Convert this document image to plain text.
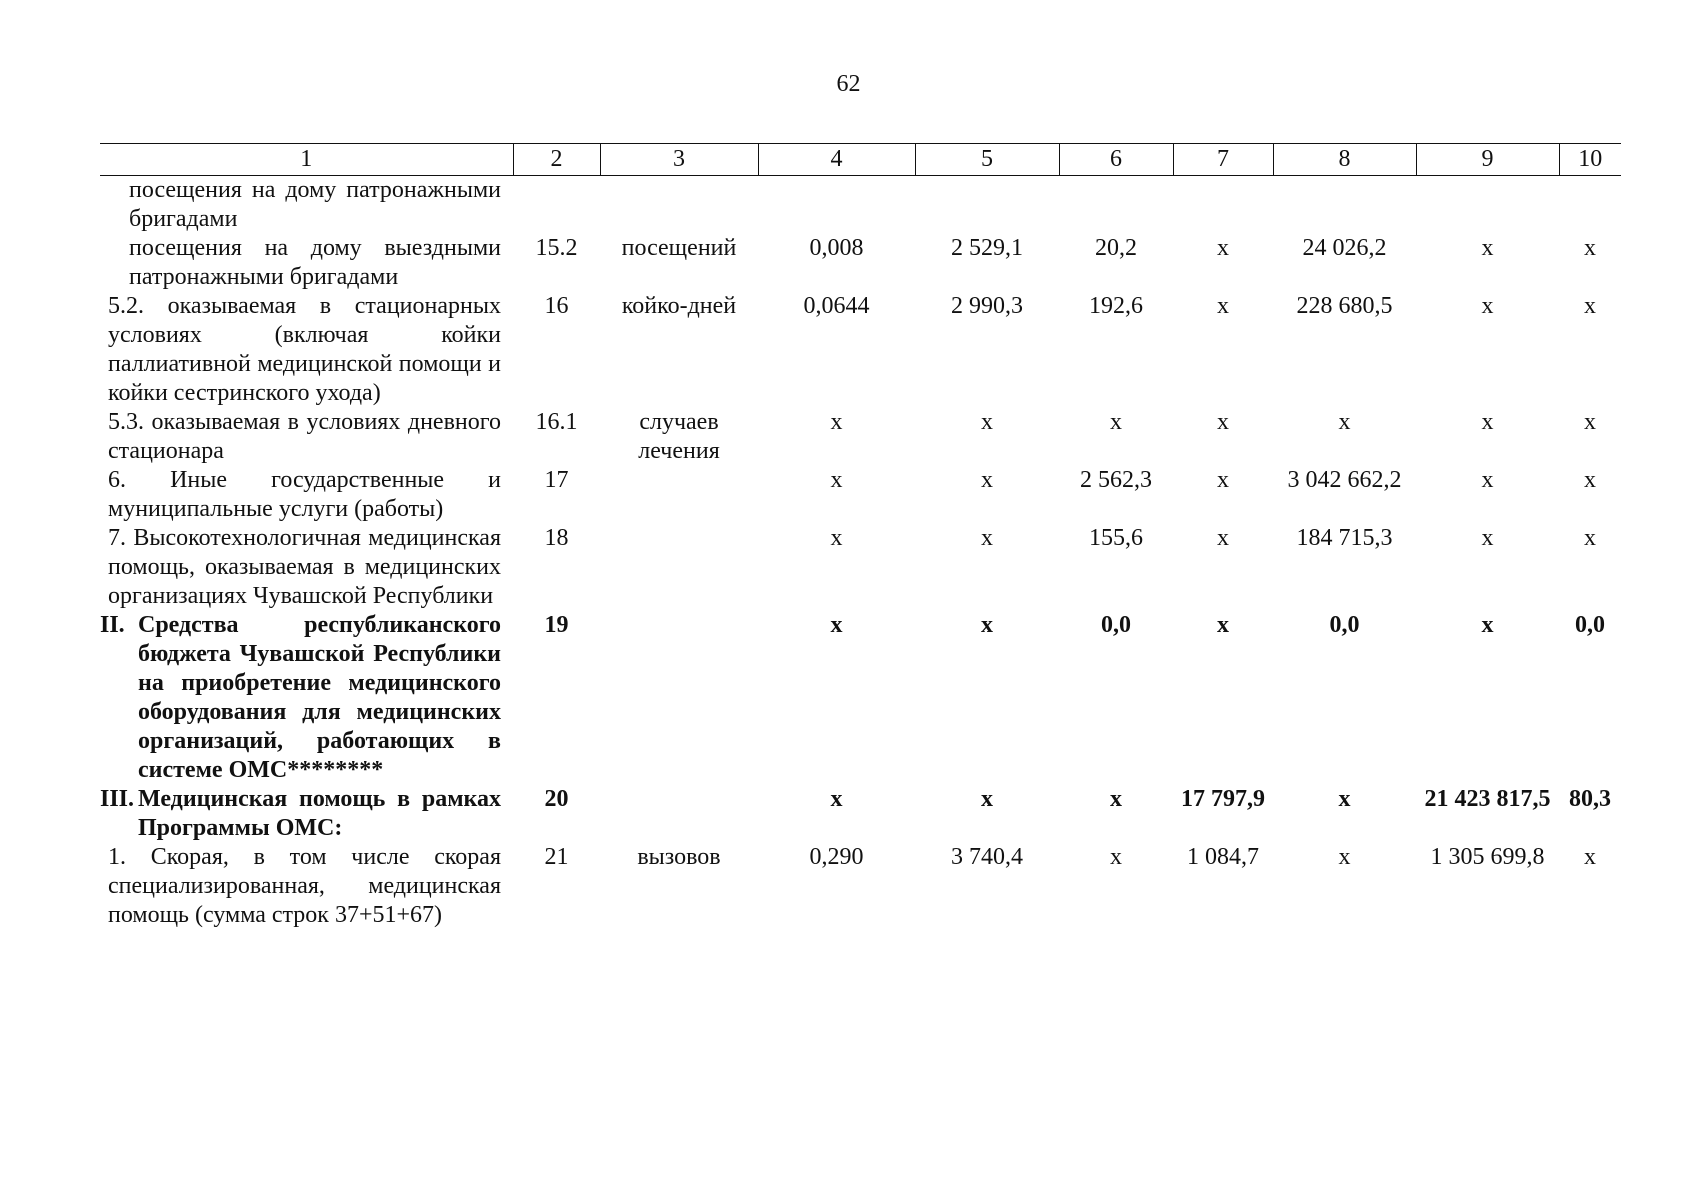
62
1	2	3	4	5	6	7	8	9	10

посещения на дому патронажными бригадами									

посещения на дому выездными патронажными бригадами	15.2	посещений	0,008	2 529,1	20,2	х	24 026,2	х	х

5.2. оказываемая в стационарных условиях (включая койки паллиативной медицинской помощи и койки сестринского ухода)	16	койко-дней	0,0644	2 990,3	192,6	х	228 680,5	х	х

5.3. оказываемая в условиях дневного стационара	16.1	случаев лечения	х	х	х	х	х	х	х

6. Иные государственные и муниципальные услуги (работы)	17		х	х	2 562,3	х	3 042 662,2	х	х

7. Высокотехнологичная медицинская помощь, оказываемая в медицинских организациях Чувашской Республики	18		х	х	155,6	х	184 715,3	х	х

II. Средства республиканского бюджета Чувашской Республики на приобретение медицинского оборудования для медицинских организаций, работающих в системе ОМС********	19		х	х	0,0	х	0,0	х	0,0

III. Медицинская помощь в рамках Программы ОМС:	20		х	х	х	17 797,9	х	21 423 817,5	80,3

1. Скорая, в том числе скорая специализированная, медицинская помощь (сумма строк 37+51+67)	21	вызовов	0,290	3 740,4	х	1 084,7	х	1 305 699,8	х
